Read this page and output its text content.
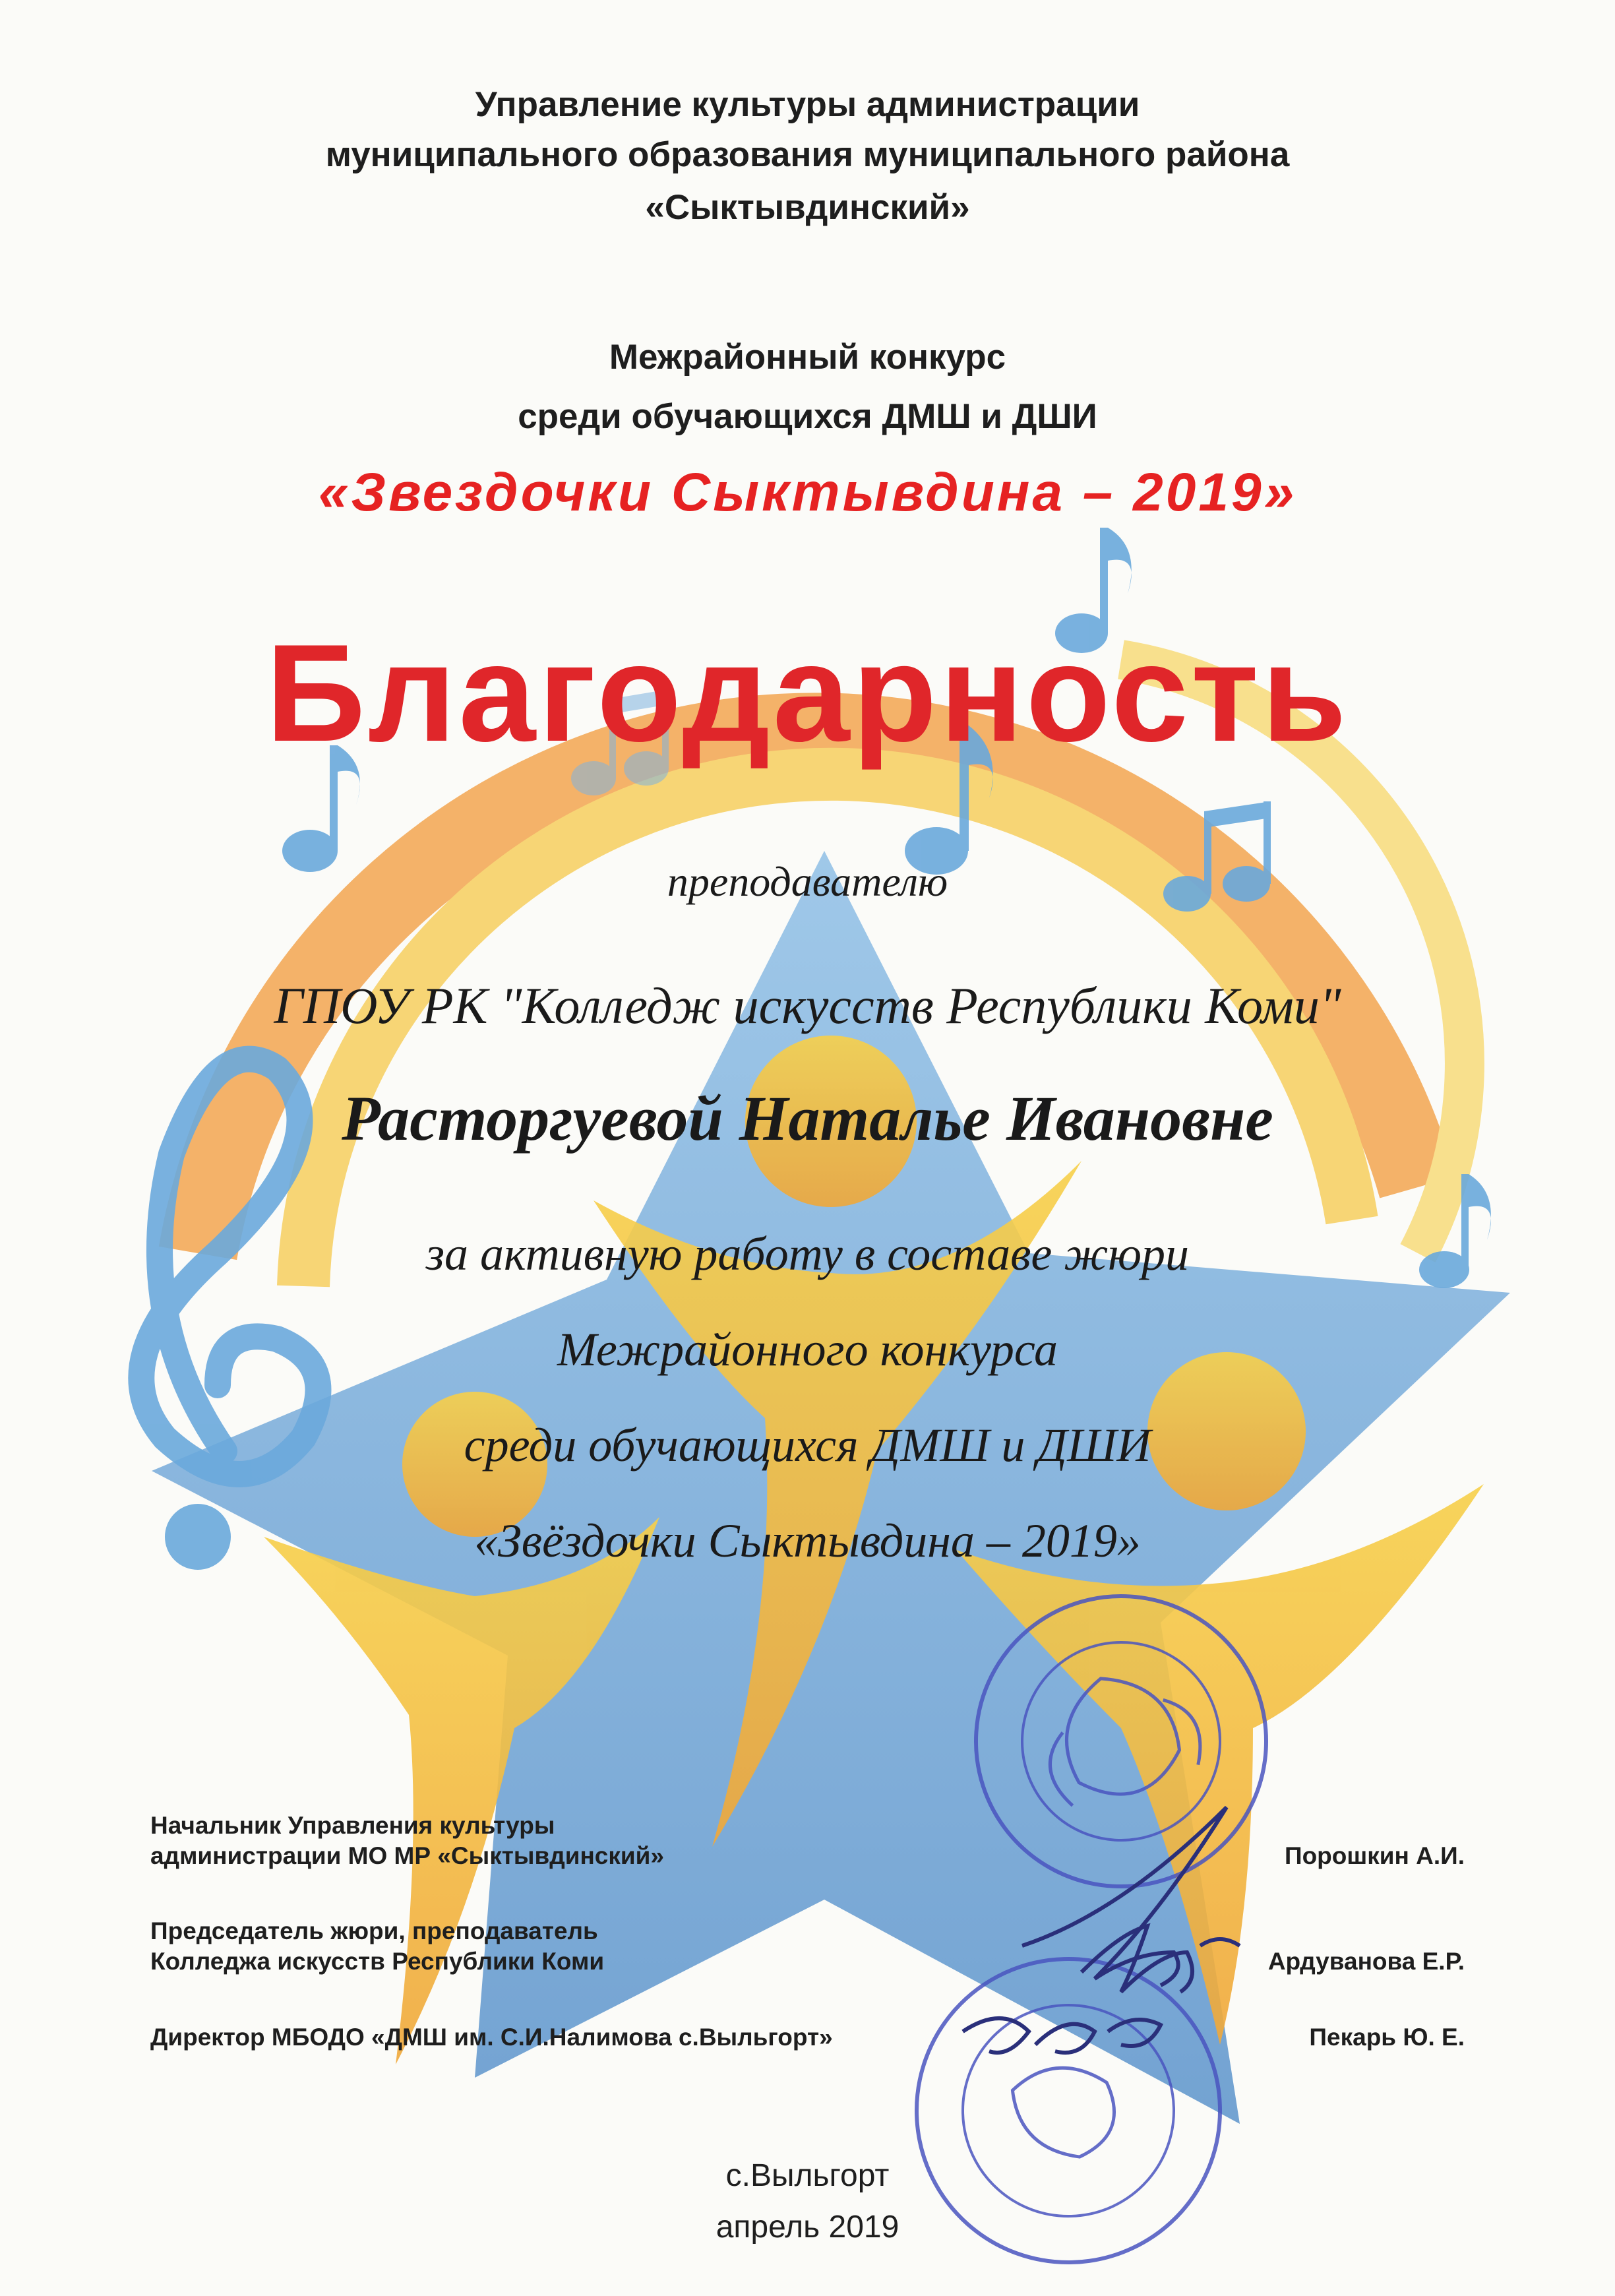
Управление культуры администрации
муниципального образования муниципального района
«Сыктывдинский»
Межрайонный конкурс
среди обучающихся ДМШ и ДШИ
«Звездочки Сыктывдина – 2019»
Благодарность
преподавателю
ГПОУ РК "Колледж искусств Республики Коми"
Расторгуевой Наталье Ивановне
за активную работу в составе жюри
Межрайонного конкурса
среди обучающихся ДМШ и ДШИ
«Звёздочки Сыктывдина – 2019»
Начальник Управления культуры
администрации МО МР «Сыктывдинский»	Порошкин А.И.
Председатель жюри, преподаватель
Колледжа искусств Республики Коми	Ардуванова Е.Р.
Директор МБОДО «ДМШ им. С.И.Налимова с.Выльгорт»	Пекарь Ю. Е.
с.Выльгорт
апрель 2019
